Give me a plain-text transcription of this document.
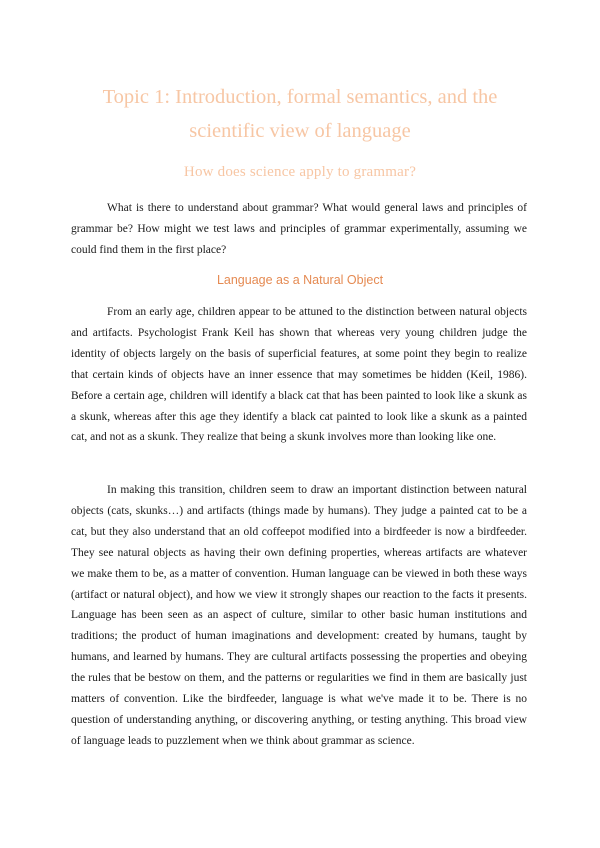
Topic 1: Introduction, formal semantics, and the scientific view of language
How does science apply to grammar?

What is there to understand about grammar? What would general laws and principles of grammar be? How might we test laws and principles of grammar experimentally, assuming we could find them in the first place?

Language as a Natural Object

From an early age, children appear to be attuned to the distinction between natural objects and artifacts. Psychologist Frank Keil has shown that whereas very young children judge the identity of objects largely on the basis of superficial features, at some point they begin to realize that certain kinds of objects have an inner essence that may sometimes be hidden (Keil, 1986). Before a certain age, children will identify a black cat that has been painted to look like a skunk as a skunk, whereas after this age they identify a black cat painted to look like a skunk as a painted cat, and not as a skunk. They realize that being a skunk involves more than looking like one.

In making this transition, children seem to draw an important distinction between natural objects (cats, skunks…) and artifacts (things made by humans). They judge a painted cat to be a cat, but they also understand that an old coffeepot modified into a birdfeeder is now a birdfeeder. They see natural objects as having their own defining properties, whereas artifacts are whatever we make them to be, as a matter of convention. Human language can be viewed in both these ways (artifact or natural object), and how we view it strongly shapes our reaction to the facts it presents. Language has been seen as an aspect of culture, similar to other basic human institutions and traditions; the product of human imaginations and development: created by humans, taught by humans, and learned by humans. They are cultural artifacts possessing the properties and obeying the rules that be bestow on them, and the patterns or regularities we find in them are basically just matters of convention. Like the birdfeeder, language is what we've made it to be. There is no question of understanding anything, or discovering anything, or testing anything. This broad view of language leads to puzzlement when we think about grammar as science.
